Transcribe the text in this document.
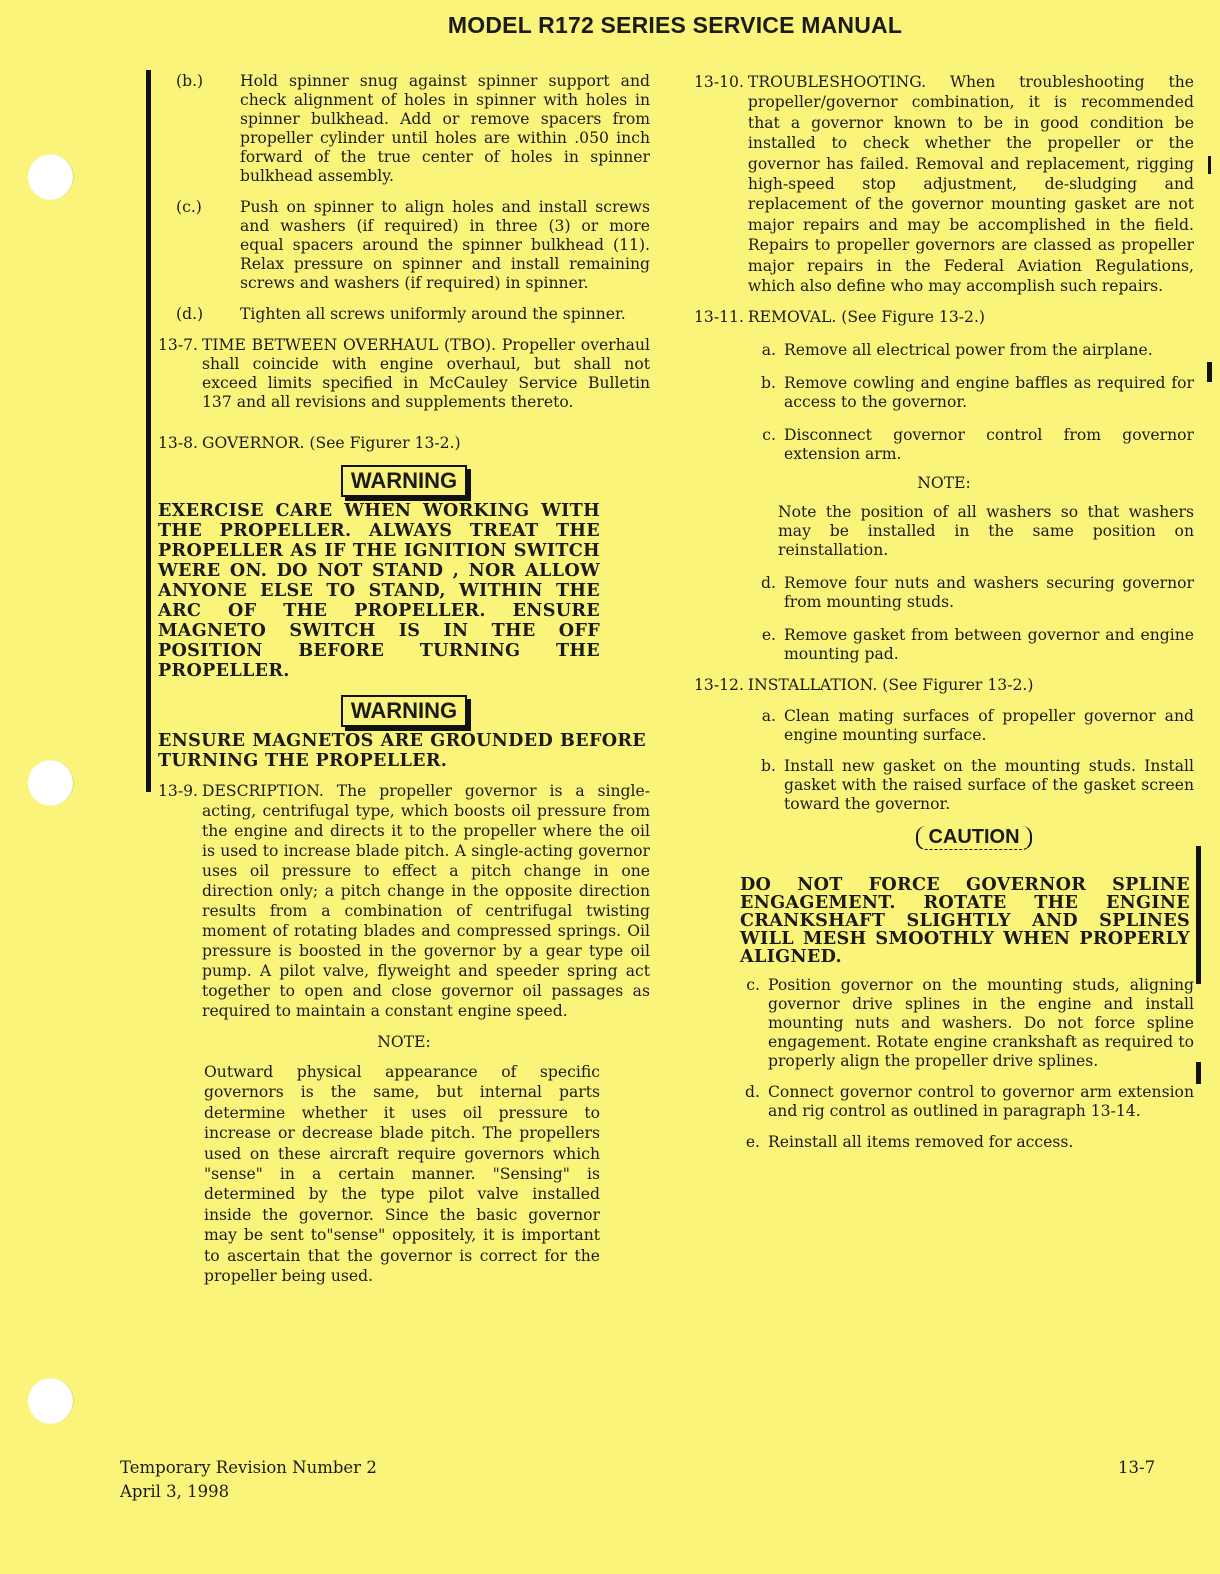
MODEL R172 SERIES SERVICE MANUAL
(b.)	Hold spinner snug against spinner support and check alignment of holes in spinner with holes in spinner bulkhead. Add or remove spacers from propeller cylinder until holes are within .050 inch forward of the true center of holes in spinner bulkhead assembly.
(c.)	Push on spinner to align holes and install screws and washers (if required) in three (3) or more equal spacers around the spinner bulkhead (11). Relax pressure on spinner and install remaining screws and washers (if required) in spinner.
(d.)	Tighten all screws uniformly around the spinner.
13-7. TIME BETWEEN OVERHAUL (TBO). Propeller overhaul shall coincide with engine overhaul, but shall not exceed limits specified in McCauley Service Bulletin 137 and all revisions and supplements thereto.
13-8. GOVERNOR. (See Figurer 13-2.)
WARNING
EXERCISE CARE WHEN WORKING WITH THE PROPELLER. ALWAYS TREAT THE PROPELLER AS IF THE IGNITION SWITCH WERE ON. DO NOT STAND , NOR ALLOW ANYONE ELSE TO STAND, WITHIN THE ARC OF THE PROPELLER. ENSURE MAGNETO SWITCH IS IN THE OFF POSITION BEFORE TURNING THE PROPELLER.
WARNING
ENSURE MAGNETOS ARE GROUNDED BEFORE TURNING THE PROPELLER.
13-9. DESCRIPTION. The propeller governor is a single-acting, centrifugal type, which boosts oil pressure from the engine and directs it to the propeller where the oil is used to increase blade pitch. A single-acting governor uses oil pressure to effect a pitch change in one direction only; a pitch change in the opposite direction results from a combination of centrifugal twisting moment of rotating blades and compressed springs. Oil pressure is boosted in the governor by a gear type oil pump. A pilot valve, flyweight and speeder spring act together to open and close governor oil passages as required to maintain a constant engine speed.
NOTE:
Outward physical appearance of specific governors is the same, but internal parts determine whether it uses oil pressure to increase or decrease blade pitch. The propellers used on these aircraft require governors which "sense" in a certain manner. "Sensing" is determined by the type pilot valve installed inside the governor. Since the basic governor may be sent to"sense" oppositely, it is important to ascertain that the governor is correct for the propeller being used.
13-10. TROUBLESHOOTING. When troubleshooting the propeller/governor combination, it is recommended that a governor known to be in good condition be installed to check whether the propeller or the governor has failed. Removal and replacement, rigging high-speed stop adjustment, de-sludging and replacement of the governor mounting gasket are not major repairs and may be accomplished in the field. Repairs to propeller governors are classed as propeller major repairs in the Federal Aviation Regulations, which also define who may accomplish such repairs.
13-11. REMOVAL. (See Figure 13-2.)
a. Remove all electrical power from the airplane.
b. Remove cowling and engine baffles as required for access to the governor.
c. Disconnect governor control from governor extension arm.
NOTE:
Note the position of all washers so that washers may be installed in the same position on reinstallation.
d. Remove four nuts and washers securing governor from mounting studs.
e. Remove gasket from between governor and engine mounting pad.
13-12. INSTALLATION. (See Figurer 13-2.)
a. Clean mating surfaces of propeller governor and engine mounting surface.
b. Install new gasket on the mounting studs. Install gasket with the raised surface of the gasket screen toward the governor.
CAUTION
DO NOT FORCE GOVERNOR SPLINE ENGAGEMENT. ROTATE THE ENGINE CRANKSHAFT SLIGHTLY AND SPLINES WILL MESH SMOOTHLY WHEN PROPERLY ALIGNED.
c. Position governor on the mounting studs, aligning governor drive splines in the engine and install mounting nuts and washers. Do not force spline engagement. Rotate engine crankshaft as required to properly align the propeller drive splines.
d. Connect governor control to governor arm extension and rig control as outlined in paragraph 13-14.
e. Reinstall all items removed for access.
Temporary Revision Number 2
April 3, 1998
13-7
